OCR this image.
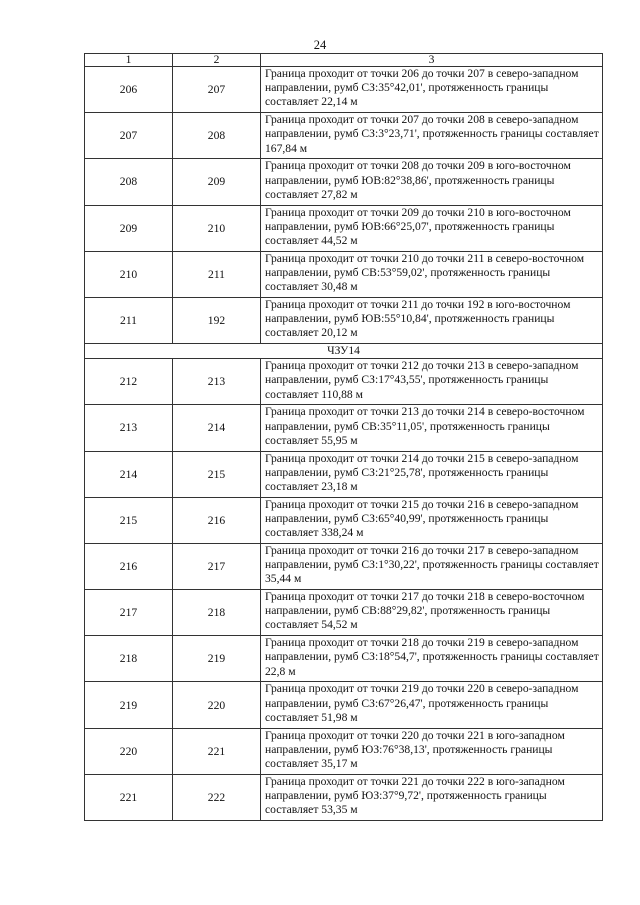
24
1	2	3
206	207	Граница проходит от точки 206 до точки 207 в северо-западном направлении, румб СЗ:35°42,01', протяженность границы составляет 22,14 м
207	208	Граница проходит от точки 207 до точки 208 в северо-западном направлении, румб СЗ:3°23,71', протяженность границы составляет 167,84 м
208	209	Граница проходит от точки 208 до точки 209 в юго-восточном направлении, румб ЮВ:82°38,86', протяженность границы составляет 27,82 м
209	210	Граница проходит от точки 209 до точки 210 в юго-восточном направлении, румб ЮВ:66°25,07', протяженность границы составляет 44,52 м
210	211	Граница проходит от точки 210 до точки 211 в северо-восточном направлении, румб СВ:53°59,02', протяженность границы составляет 30,48 м
211	192	Граница проходит от точки 211 до точки 192 в юго-восточном направлении, румб ЮВ:55°10,84', протяженность границы составляет 20,12 м
ЧЗУ14		
212	213	Граница проходит от точки 212 до точки 213 в северо-западном направлении, румб СЗ:17°43,55', протяженность границы составляет 110,88 м
213	214	Граница проходит от точки 213 до точки 214 в северо-восточном направлении, румб СВ:35°11,05', протяженность границы составляет 55,95 м
214	215	Граница проходит от точки 214 до точки 215 в северо-западном направлении, румб СЗ:21°25,78', протяженность границы составляет 23,18 м
215	216	Граница проходит от точки 215 до точки 216 в северо-западном направлении, румб СЗ:65°40,99', протяженность границы составляет 338,24 м
216	217	Граница проходит от точки 216 до точки 217 в северо-западном направлении, румб СЗ:1°30,22', протяженность границы составляет 35,44 м
217	218	Граница проходит от точки 217 до точки 218 в северо-восточном направлении, румб СВ:88°29,82', протяженность границы составляет 54,52 м
218	219	Граница проходит от точки 218 до точки 219 в северо-западном направлении, румб СЗ:18°54,7', протяженность границы составляет 22,8 м
219	220	Граница проходит от точки 219 до точки 220 в северо-западном направлении, румб СЗ:67°26,47', протяженность границы составляет 51,98 м
220	221	Граница проходит от точки 220 до точки 221 в юго-западном направлении, румб ЮЗ:76°38,13', протяженность границы составляет 35,17 м
221	222	Граница проходит от точки 221 до точки 222 в юго-западном направлении, румб ЮЗ:37°9,72', протяженность границы составляет 53,35 м
